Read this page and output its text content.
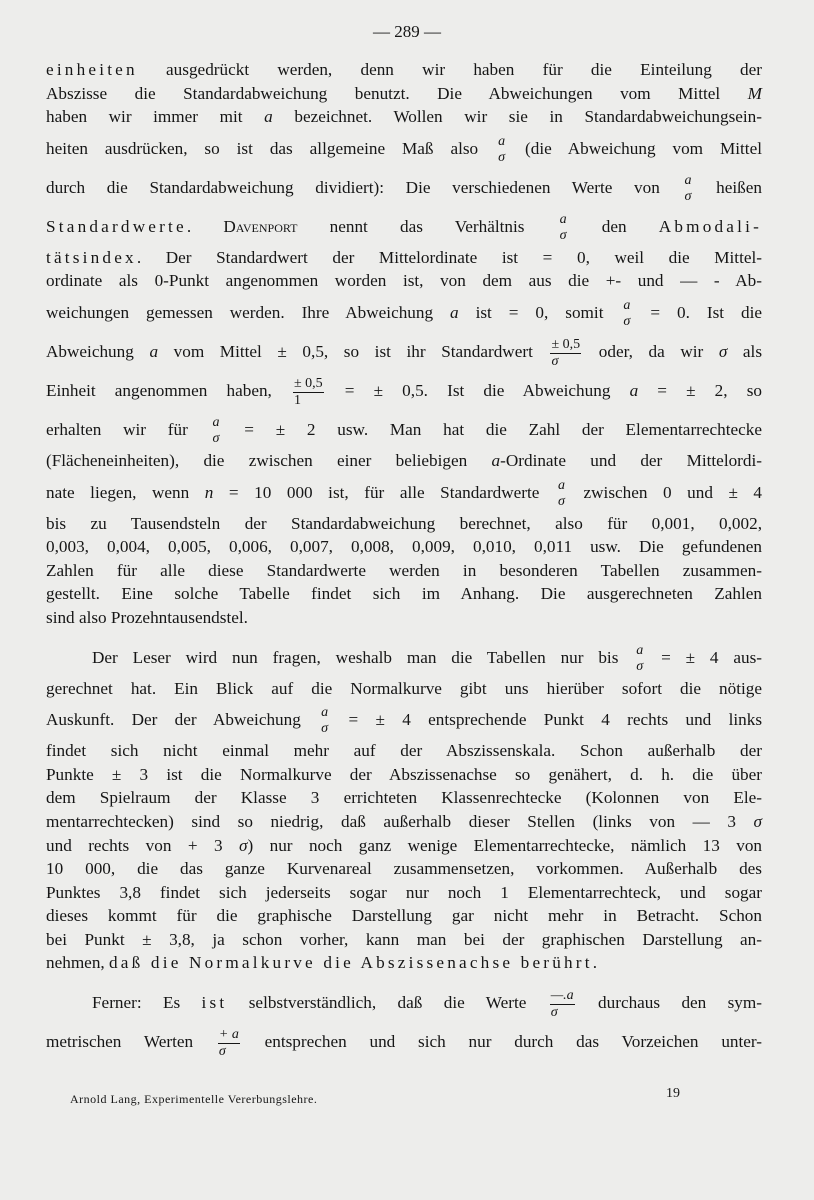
— 289 —
einheiten ausgedrückt werden, denn wir haben für die Einteilung der
Abszisse die Standardabweichung benutzt. Die Abweichungen vom Mittel M
haben wir immer mit a bezeichnet. Wollen wir sie in Standardabweichungsein-
heiten ausdrücken, so ist das allgemeine Maß also a
σ (die Abweichung vom Mittel
durch die Standardabweichung dividiert): Die verschiedenen Werte von a
σ heißen
Standardwerte. Davenport nennt das Verhältnis a
σ den Abmodali-
tätsindex. Der Standardwert der Mittelordinate ist = 0, weil die Mittel-
ordinate als 0-Punkt angenommen worden ist, von dem aus die +- und — - Ab-
weichungen gemessen werden. Ihre Abweichung a ist = 0, somit a
σ = 0. Ist die
Abweichung a vom Mittel ± 0,5, so ist ihr Standardwert $\frac{\pm 0,5}{\sigma}$ oder, da wir σ als
Einheit angenommen haben, $\frac{\pm 0,5}{1}$ = ± 0,5. Ist die Abweichung a = ± 2, so
erhalten wir für a
σ = ± 2 usw. Man hat die Zahl der Elementarrechtecke
(Flächeneinheiten), die zwischen einer beliebigen a-Ordinate und der Mittelordi-
nate liegen, wenn n = 10 000 ist, für alle Standardwerte a
σ zwischen 0 und ± 4
bis zu Tausendsteln der Standardabweichung berechnet, also für 0,001, 0,002,
0,003, 0,004, 0,005, 0,006, 0,007, 0,008, 0,009, 0,010, 0,011 usw. Die gefundenen
Zahlen für alle diese Standardwerte werden in besonderen Tabellen zusammen-
gestellt. Eine solche Tabelle findet sich im Anhang. Die ausgerechneten Zahlen
sind also Prozehntausendstel.
Der Leser wird nun fragen, weshalb man die Tabellen nur bis a
σ = ± 4 aus-
gerechnet hat. Ein Blick auf die Normalkurve gibt uns hierüber sofort die nötige
Auskunft. Der der Abweichung a
σ = ± 4 entsprechende Punkt 4 rechts und links
findet sich nicht einmal mehr auf der Abszissenskala. Schon außerhalb der
Punkte ± 3 ist die Normalkurve der Abszissenachse so genähert, d. h. die über
dem Spielraum der Klasse 3 errichteten Klassenrechtecke (Kolonnen von Ele-
mentarrechtecken) sind so niedrig, daß außerhalb dieser Stellen (links von — 3 σ
und rechts von + 3 σ) nur noch ganz wenige Elementarrechtecke, nämlich 13 von
10 000, die das ganze Kurvenareal zusammensetzen, vorkommen. Außerhalb des
Punktes 3,8 findet sich jederseits sogar nur noch 1 Elementarrechteck, und sogar
dieses kommt für die graphische Darstellung gar nicht mehr in Betracht. Schon
bei Punkt ± 3,8, ja schon vorher, kann man bei der graphischen Darstellung an-
nehmen, daß die Normalkurve die Abszissenachse berührt.
Ferner: Es ist selbstverständlich, daß die Werte $\frac{—.a}{\sigma}$ durchaus den sym-
metrischen Werten $\frac{+ a}{\sigma}$ entsprechen und sich nur durch das Vorzeichen unter-
Arnold Lang, Experimentelle Vererbungslehre.	19
